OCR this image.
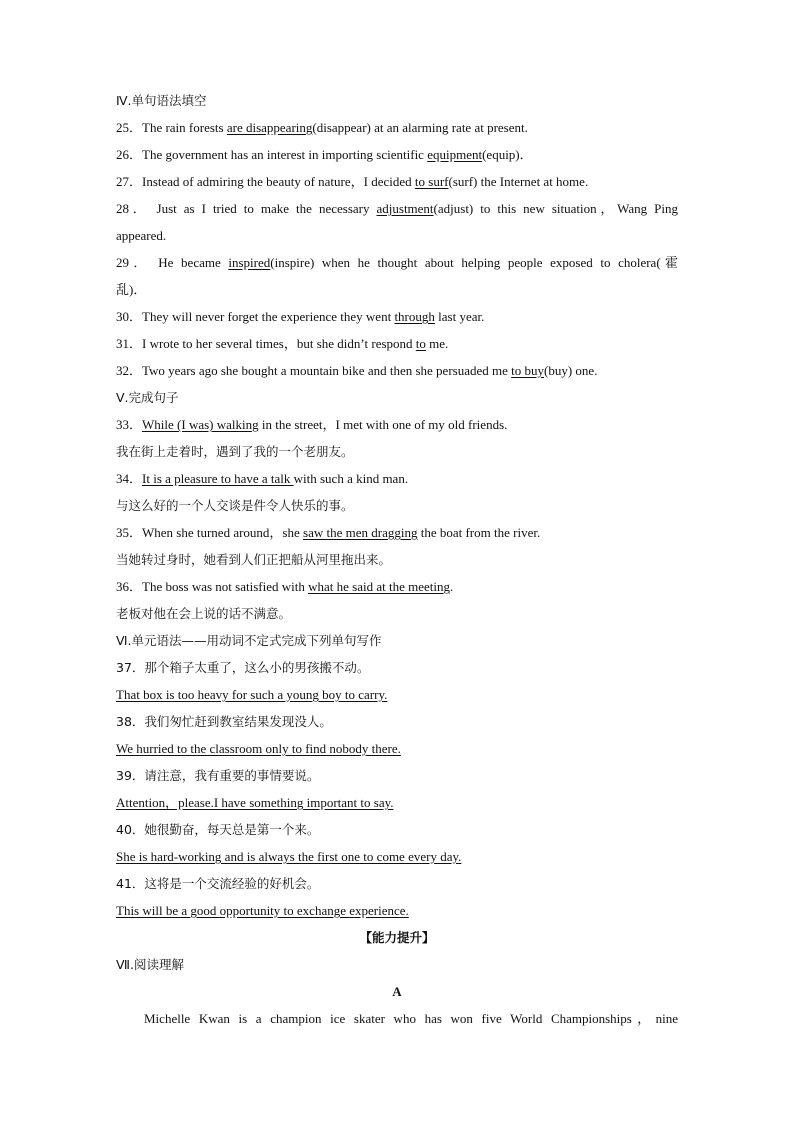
Ⅳ.单句语法填空

25．The rain forests are disappearing(disappear) at an alarming rate at present.

26．The government has an interest in importing scientific equipment(equip)．

27．Instead of admiring the beauty of nature，I decided to surf(surf) the Internet at home.

28． Just as I tried to make the necessary adjustment(adjust) to this new situation，Wang Ping

appeared.

29． He became inspired(inspire) when he thought about helping people exposed to cholera(霍

乱)．

30．They will never forget the experience they went through last year.

31．I wrote to her several times，but she didn’t respond to me.

32．Two years ago she bought a mountain bike and then she persuaded me to buy(buy) one.

Ⅴ.完成句子

33．While (I was) walking in the street，I met with one of my old friends.

我在街上走着时，遇到了我的一个老朋友。

34．It is a pleasure to have a talk with such a kind man.

与这么好的一个人交谈是件令人快乐的事。

35．When she turned around，she saw the men dragging the boat from the river.

当她转过身时，她看到人们正把船从河里拖出来。

36．The boss was not satisfied with what he said at the meeting.

老板对他在会上说的话不满意。

Ⅵ.单元语法——用动词不定式完成下列单句写作

37．那个箱子太重了，这么小的男孩搬不动。

That box is too heavy for such a young boy to carry.

38．我们匆忙赶到教室结果发现没人。

We hurried to the classroom only to find nobody there.

39．请注意，我有重要的事情要说。

Attention，please.I have something important to say.

40．她很勤奋，每天总是第一个来。

She is hard-working and is always the first one to come every day.

41．这将是一个交流经验的好机会。

This will be a good opportunity to exchange experience.

【能力提升】

Ⅶ.阅读理解

A

Michelle Kwan is a champion ice skater who has won five World Championships，nine
